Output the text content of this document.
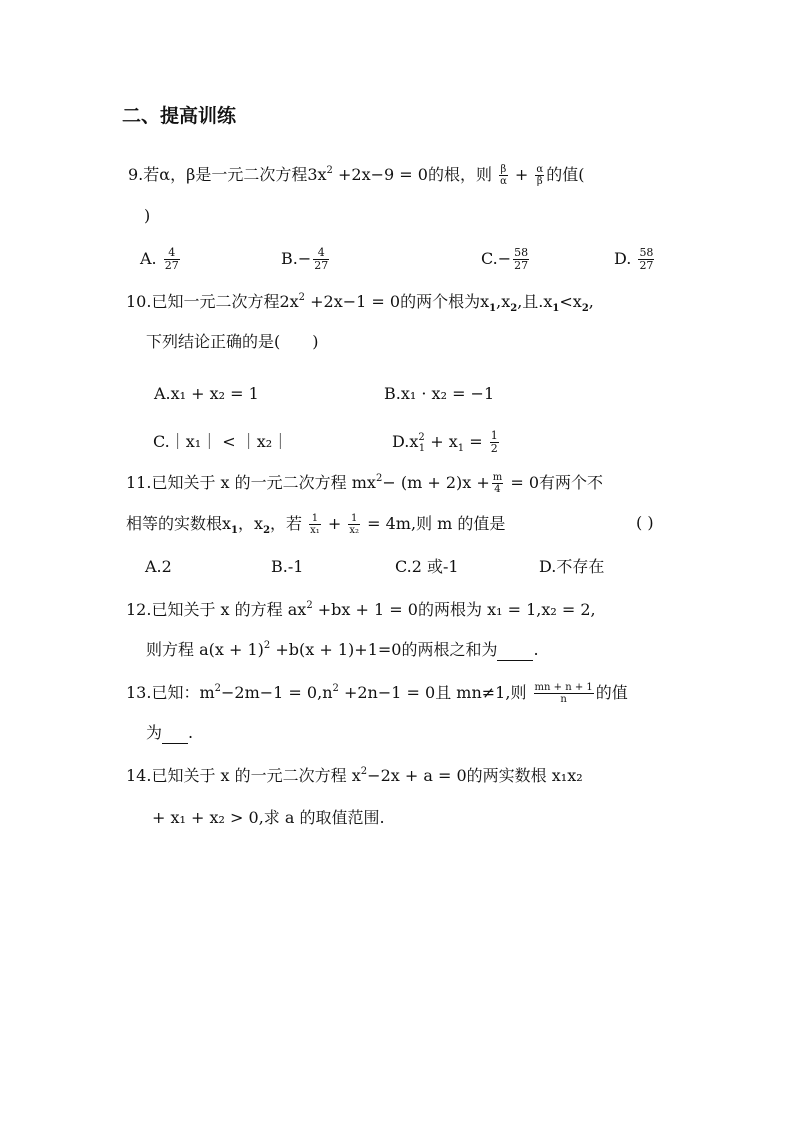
二、提高训练
9.若α，β是一元二次方程$3x^2 +2x-9 = 0$的根，则 $\frac{\beta}{\alpha} + \frac{\alpha}{\beta}$ 的值(
)
A. $\frac{4}{27}$	$B.- \frac{4}{27}$	$C.- \frac{58}{27}$	D. $\frac{58}{27}$
10.已知一元二次方程$2x^2 +2x-1 = 0$的两个根为$x_1,x_2$,且$.x_1<x_2$,
下列结论正确的是(　　)
A.x₁ + x₂ = 1	B.x₁ · x₂ = −1
C.｜x₁｜ < ｜x₂｜	$D.x^2_1 + x_1 = \frac{1}{2}$
11.已知关于 x 的一元二次方程 $mx^2- (m + 2)x + \frac{m}{4} = 0$有两个不
相等的实数根$x_1$，$x_2$，若 $\frac{1}{\text{x₁}} + \frac{1}{\text{x₂}} = 4m$,则 m 的值是	( )
A.2	B.-1	C.2 或-1	D.不存在
12.已知关于 x 的方程 $ax^2 +bx + 1 = 0$的两根为 x₁ = 1,x₂ = 2,
则方程 $a(x + 1)^2 +b(x + 1)+1=0$的两根之和为 .
13.已知：$m^2-2m-1 = 0,n^2 +2n-1 = 0$且 mn≠1,则 $\frac{mn + n + 1}{n}$ 的值
为 .
14.已知关于 x 的一元二次方程 $x^2-2x + a = 0$的两实数根 x₁x₂
+ x₁ + x₂ > 0,求 a 的取值范围.
